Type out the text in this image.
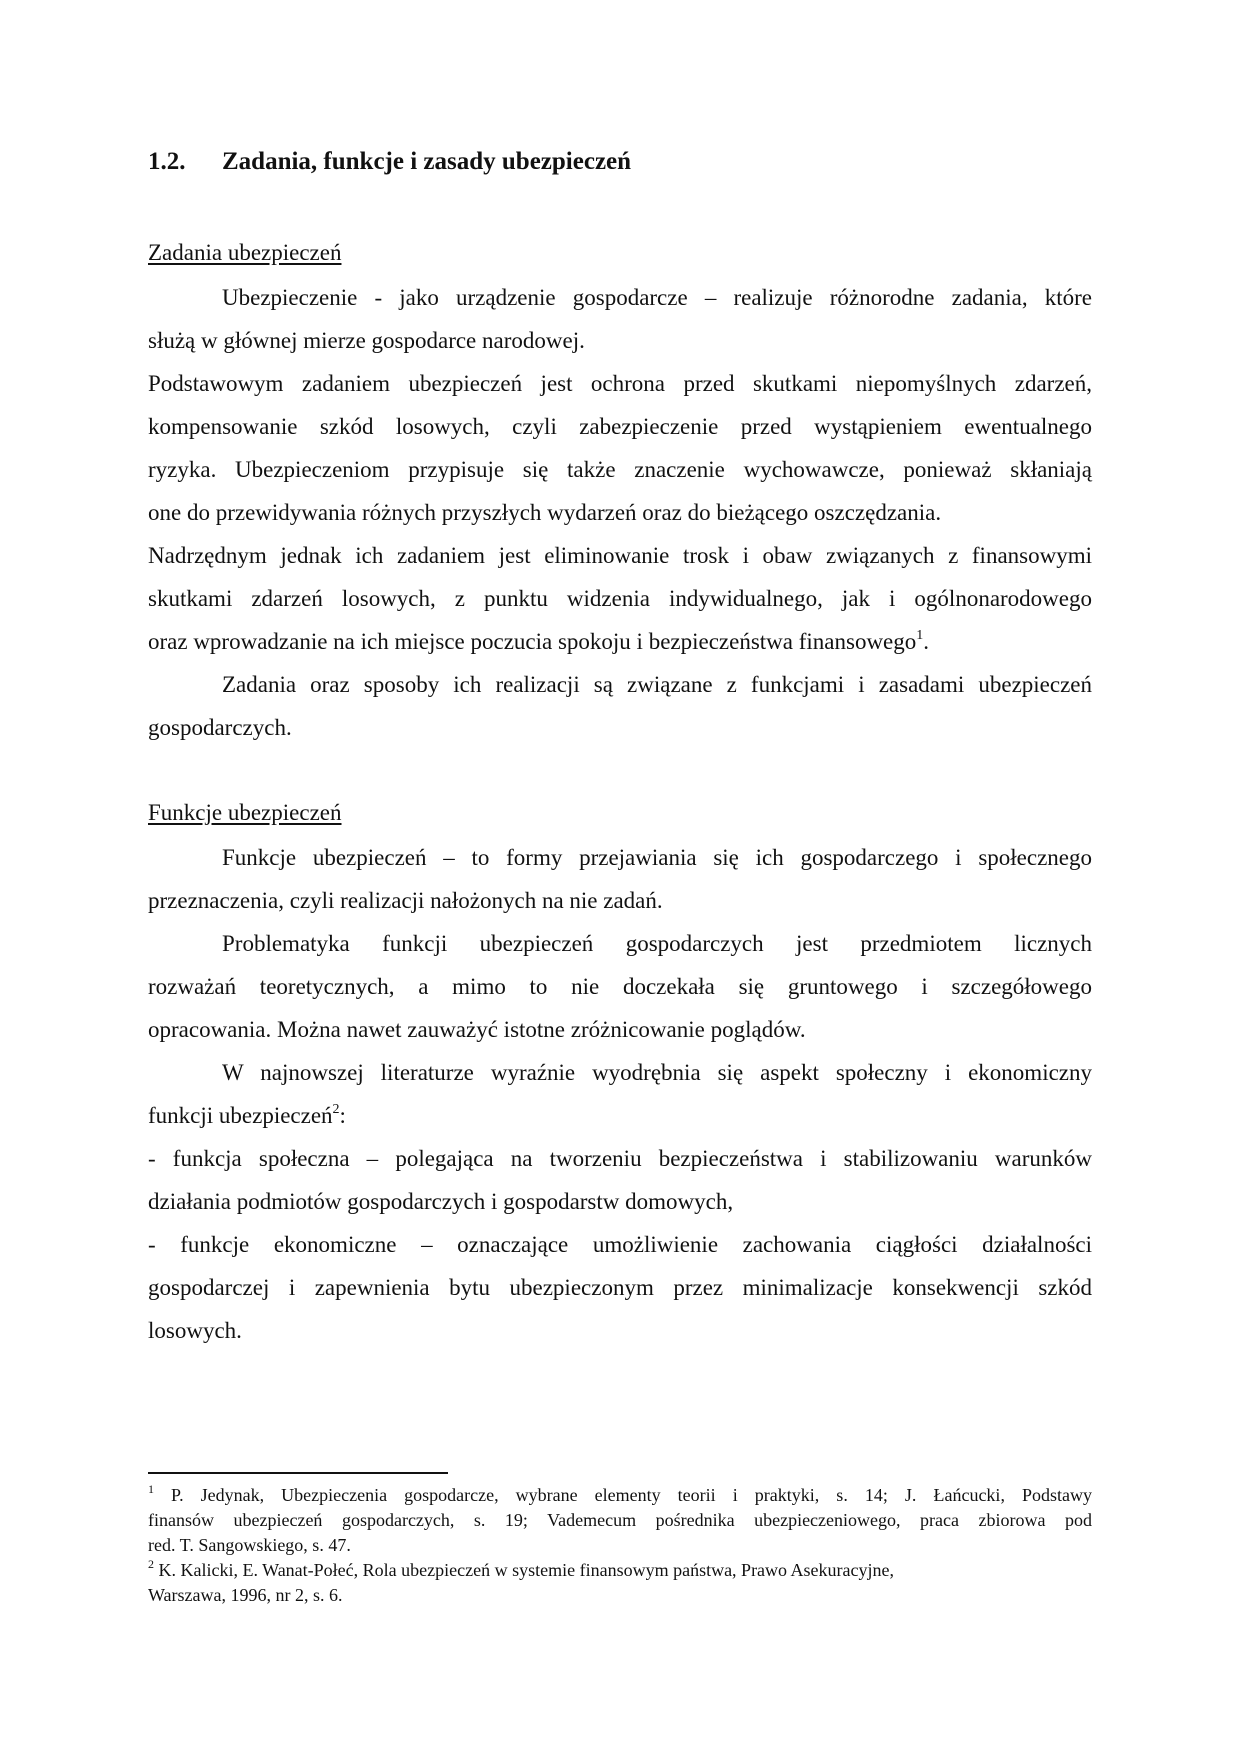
1.2. Zadania, funkcje i zasady ubezpieczeń
Zadania ubezpieczeń
Ubezpieczenie - jako urządzenie gospodarcze – realizuje różnorodne zadania, które
służą w głównej mierze gospodarce narodowej.
Podstawowym zadaniem ubezpieczeń jest ochrona przed skutkami niepomyślnych zdarzeń,
kompensowanie szkód losowych, czyli zabezpieczenie przed wystąpieniem ewentualnego
ryzyka. Ubezpieczeniom przypisuje się także znaczenie wychowawcze, ponieważ skłaniają
one do przewidywania różnych przyszłych wydarzeń oraz do bieżącego oszczędzania.
Nadrzędnym jednak ich zadaniem jest eliminowanie trosk i obaw związanych z finansowymi
skutkami zdarzeń losowych, z punktu widzenia indywidualnego, jak i ogólnonarodowego
oraz wprowadzanie na ich miejsce poczucia spokoju i bezpieczeństwa finansowego$^1$.
Zadania oraz sposoby ich realizacji są związane z funkcjami i zasadami ubezpieczeń
gospodarczych.
Funkcje ubezpieczeń
Funkcje ubezpieczeń – to formy przejawiania się ich gospodarczego i społecznego
przeznaczenia, czyli realizacji nałożonych na nie zadań.
Problematyka funkcji ubezpieczeń gospodarczych jest przedmiotem licznych
rozważań teoretycznych, a mimo to nie doczekała się gruntowego i szczegółowego
opracowania. Można nawet zauważyć istotne zróżnicowanie poglądów.
W najnowszej literaturze wyraźnie wyodrębnia się aspekt społeczny i ekonomiczny
funkcji ubezpieczeń$^2$:
- funkcja społeczna – polegająca na tworzeniu bezpieczeństwa i stabilizowaniu warunków
działania podmiotów gospodarczych i gospodarstw domowych,
- funkcje ekonomiczne – oznaczające umożliwienie zachowania ciągłości działalności
gospodarczej i zapewnienia bytu ubezpieczonym przez minimalizacje konsekwencji szkód
losowych.
$^1$ P. Jedynak, Ubezpieczenia gospodarcze, wybrane elementy teorii i praktyki, s. 14; J. Łańcucki, Podstawy
finansów ubezpieczeń gospodarczych, s. 19; Vademecum pośrednika ubezpieczeniowego, praca zbiorowa pod
red. T. Sangowskiego, s. 47.
$^2$ K. Kalicki, E. Wanat-Połeć, Rola ubezpieczeń w systemie finansowym państwa, Prawo Asekuracyjne,
Warszawa, 1996, nr 2, s. 6.
